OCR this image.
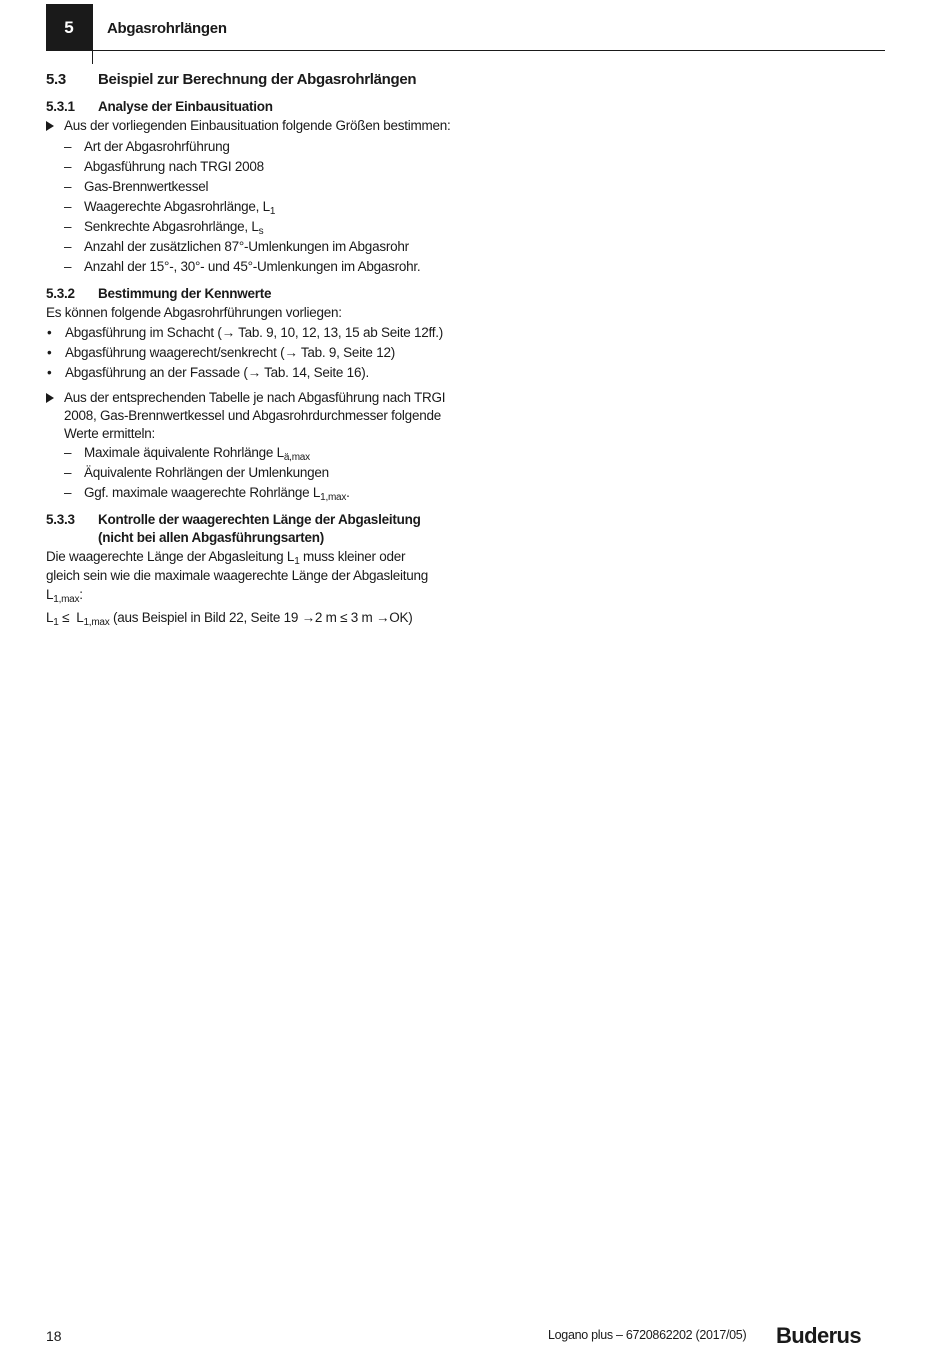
5 Abgasrohrlängen
5.3	Beispiel zur Berechnung der Abgasrohrlängen
5.3.1	Analyse der Einbausituation
Aus der vorliegenden Einbausituation folgende Größen bestimmen:
– Art der Abgasrohrführung
– Abgasführung nach TRGI 2008
– Gas-Brennwertkessel
– Waagerechte Abgasrohrlänge, $L_1$
– Senkrechte Abgasrohrlänge, $L_s$
– Anzahl der zusätzlichen 87°-Umlenkungen im Abgasrohr
– Anzahl der 15°-, 30°- und 45°-Umlenkungen im Abgasrohr.
5.3.2	Bestimmung der Kennwerte

Es können folgende Abgasrohrführungen vorliegen:

•	Abgasführung im Schacht (→ Tab. 9, 10, 12, 13, 15 ab Seite 12ff.)
•	Abgasführung waagerecht/senkrecht (→ Tab. 9, Seite 12)
•	Abgasführung an der Fassade (→ Tab. 14, Seite 16).
Aus der entsprechenden Tabelle je nach Abgasführung nach TRGI 2008, Gas-Brennwertkessel und Abgasrohrdurchmesser folgende Werte ermitteln:
– Maximale äquivalente Rohrlänge $L_{ä,max}$
– Äquivalente Rohrlängen der Umlenkungen
– Ggf. maximale waagerechte Rohrlänge $L_{1,max}$.
5.3.3	Kontrolle der waagerechten Länge der Abgasleitung (nicht bei allen Abgasführungsarten)

Die waagerechte Länge der Abgasleitung $L_1$ muss kleiner oder gleich sein wie die maximale waagerechte Länge der Abgasleitung $L_{1,max}$:

$L_1 \le L_{1,max}$ (aus Beispiel in Bild 22, Seite 19 →2 m ≤ 3 m →OK)

18	Logano plus – 6720862202 (2017/05) Buderus
